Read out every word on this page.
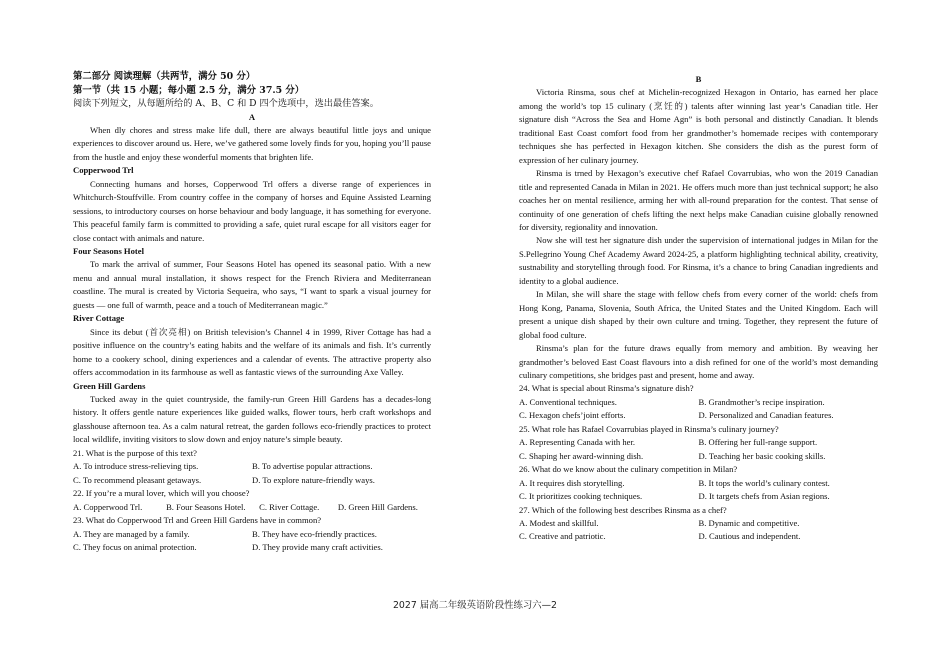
第二部分 阅读理解（共两节，满分 50 分）
第一节（共 15 小题；每小题 2.5 分，满分 37.5 分）
阅读下列短文，从每题所给的 A、B、C 和 D 四个选项中，选出最佳答案。
A

When dly chores and stress make life dull, there are always beautiful little joys and unique experiences to discover around us. Here, we’ve gathered some lovely finds for you, hoping you’ll pause from the hustle and enjoy these wonderful moments that brighten life.

Copperwood Trl

Connecting humans and horses, Copperwood Trl offers a diverse range of experiences in Whitchurch-Stouffville. From country coffee in the company of horses and Equine Assisted Learning sessions, to introductory courses on horse behaviour and body language, it has something for everyone. This peaceful family farm is committed to providing a safe, quiet rural escape for all visitors eager for close contact with animals and nature.

Four Seasons Hotel

To mark the arrival of summer, Four Seasons Hotel has opened its seasonal patio. With a new menu and annual mural installation, it shows respect for the French Riviera and Mediterranean coastline. The mural is created by Victoria Sequeira, who says, “I want to spark a visual journey for guests — one full of warmth, peace and a touch of Mediterranean magic.”

River Cottage

Since its debut (首次亮相) on British television’s Channel 4 in 1999, River Cottage has had a positive influence on the country’s eating habits and the welfare of its animals and fish. It’s currently home to a cookery school, dining experiences and a calendar of events. The attractive property also offers accommodation in its farmhouse as well as fantastic views of the surrounding Axe Valley.

Green Hill Gardens

Tucked away in the quiet countryside, the family-run Green Hill Gardens has a decades-long history. It offers gentle nature experiences like guided walks, flower tours, herb craft workshops and glasshouse afternoon tea. As a calm natural retreat, the garden follows eco-friendly practices to protect local wildlife, inviting visitors to slow down and enjoy nature’s simple beauty.

21. What is the purpose of this text?
A. To introduce stress-relieving tips.	B. To advertise popular attractions.
C. To recommend pleasant getaways.	D. To explore nature-friendly ways.
22. If you’re a mural lover, which will you choose?
A. Copperwood Trl.	B. Four Seasons Hotel.	C. River Cottage.	D. Green Hill Gardens.
23. What do Copperwood Trl and Green Hill Gardens have in common?
A. They are managed by a family.	B. They have eco-friendly practices.
C. They focus on animal protection.	D. They provide many craft activities.
B

Victoria Rinsma, sous chef at Michelin-recognized Hexagon in Ontario, has earned her place among the world’s top 15 culinary (烹饪的) talents after winning last year’s Canadian title. Her signature dish “Across the Sea and Home Agn” is both personal and distinctly Canadian. It blends traditional East Coast comfort food from her grandmother’s homemade recipes with contemporary techniques she has perfected in Hexagon kitchen. She considers the dish as the purest form of expression of her culinary journey.

Rinsma is trned by Hexagon’s executive chef Rafael Covarrubias, who won the 2019 Canadian title and represented Canada in Milan in 2021. He offers much more than just technical support; he also coaches her on mental resilience, arming her with all-round preparation for the contest. That sense of continuity of one generation of chefs lifting the next helps make Canadian cuisine globally renowned for diversity, regionality and innovation.

Now she will test her signature dish under the supervision of international judges in Milan for the S.Pellegrino Young Chef Academy Award 2024-25, a platform highlighting technical ability, creativity, sustnability and storytelling through food. For Rinsma, it’s a chance to bring Canadian ingredients and identity to a global audience.

In Milan, she will share the stage with fellow chefs from every corner of the world: chefs from Hong Kong, Panama, Slovenia, South Africa, the United States and the United Kingdom. Each will present a unique dish shaped by their own culture and trning. Together, they represent the future of global food culture.

Rinsma’s plan for the future draws equally from memory and ambition. By weaving her grandmother’s beloved East Coast flavours into a dish refined for one of the world’s most demanding culinary competitions, she bridges past and present, home and away.

24. What is special about Rinsma’s signature dish?
A. Conventional techniques.	B. Grandmother’s recipe inspiration.
C. Hexagon chefs’joint efforts.	D. Personalized and Canadian features.
25. What role has Rafael Covarrubias played in Rinsma’s culinary journey?
A. Representing Canada with her.	B. Offering her full-range support.
C. Shaping her award-winning dish.	D. Teaching her basic cooking skills.
26. What do we know about the culinary competition in Milan?
A. It requires dish storytelling.	B. It tops the world’s culinary contest.
C. It prioritizes cooking techniques.	D. It targets chefs from Asian regions.
27. Which of the following best describes Rinsma as a chef?
A. Modest and skillful.	B. Dynamic and competitive.
C. Creative and patriotic.	D. Cautious and independent.
2027 届高二年级英语阶段性练习六—2
